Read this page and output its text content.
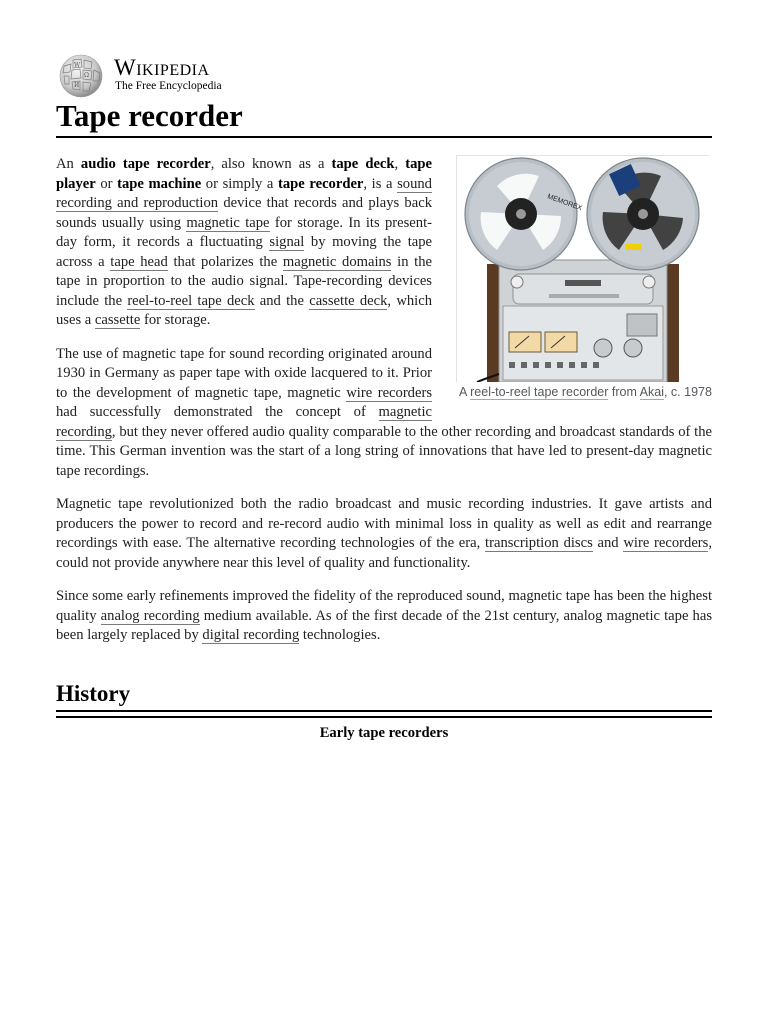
W
Ω
И
Wikipedia
The Free Encyclopedia
Tape recorder
MEMOREX
A reel-to-reel tape recorder from Akai, c. 1978

An audio tape recorder, also known as a tape deck, tape player or tape machine or simply a tape recorder, is a sound recording and reproduction device that records and plays back sounds usually using magnetic tape for storage. In its present-day form, it records a fluctuating signal by moving the tape across a tape head that polarizes the magnetic domains in the tape in proportion to the audio signal. Tape-recording devices include the reel-to-reel tape deck and the cassette deck, which uses a cassette for storage.

The use of magnetic tape for sound recording originated around 1930 in Germany as paper tape with oxide lacquered to it. Prior to the development of magnetic tape, magnetic wire recorders had successfully demonstrated the concept of magnetic recording, but they never offered audio quality comparable to the other recording and broadcast standards of the time. This German invention was the start of a long string of innovations that have led to present-day magnetic tape recordings.

Magnetic tape revolutionized both the radio broadcast and music recording industries. It gave artists and producers the power to record and re-record audio with minimal loss in quality as well as edit and rearrange recordings with ease. The alternative recording technologies of the era, transcription discs and wire recorders, could not provide anywhere near this level of quality and functionality.

Since some early refinements improved the fidelity of the reproduced sound, magnetic tape has been the highest quality analog recording medium available. As of the first decade of the 21st century, analog magnetic tape has been largely replaced by digital recording technologies.

History
Early tape recorders
